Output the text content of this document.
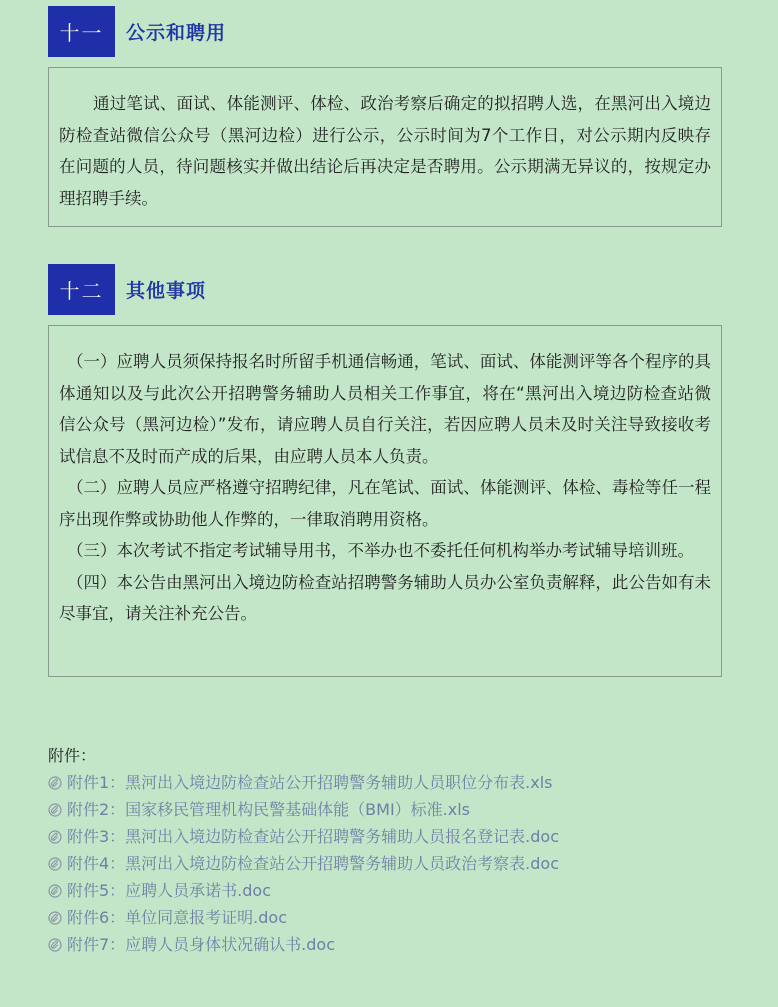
十一	公示和聘用

通过笔试、面试、体能测评、体检、政治考察后确定的拟招聘人选，在黑河出入境边防检查站微信公众号（黑河边检）进行公示，公示时间为7个工作日，对公示期内反映存在问题的人员，待问题核实并做出结论后再决定是否聘用。公示期满无异议的，按规定办理招聘手续。

十二	其他事项

（一）应聘人员须保持报名时所留手机通信畅通，笔试、面试、体能测评等各个程序的具体通知以及与此次公开招聘警务辅助人员相关工作事宜，将在“黑河出入境边防检查站微信公众号（黑河边检）”发布，请应聘人员自行关注，若因应聘人员未及时关注导致接收考试信息不及时而产成的后果，由应聘人员本人负责。

（二）应聘人员应严格遵守招聘纪律，凡在笔试、面试、体能测评、体检、毒检等任一程序出现作弊或协助他人作弊的，一律取消聘用资格。

（三）本次考试不指定考试辅导用书，不举办也不委托任何机构举办考试辅导培训班。

（四）本公告由黑河出入境边防检查站招聘警务辅助人员办公室负责解释，此公告如有未尽事宜，请关注补充公告。

附件：
附件1：黑河出入境边防检查站公开招聘警务辅助人员职位分布表.xls
附件2：国家移民管理机构民警基础体能（BMI）标准.xls
附件3：黑河出入境边防检查站公开招聘警务辅助人员报名登记表.doc
附件4：黑河出入境边防检查站公开招聘警务辅助人员政治考察表.doc
附件5：应聘人员承诺书.doc
附件6：单位同意报考证明.doc
附件7：应聘人员身体状况确认书.doc
